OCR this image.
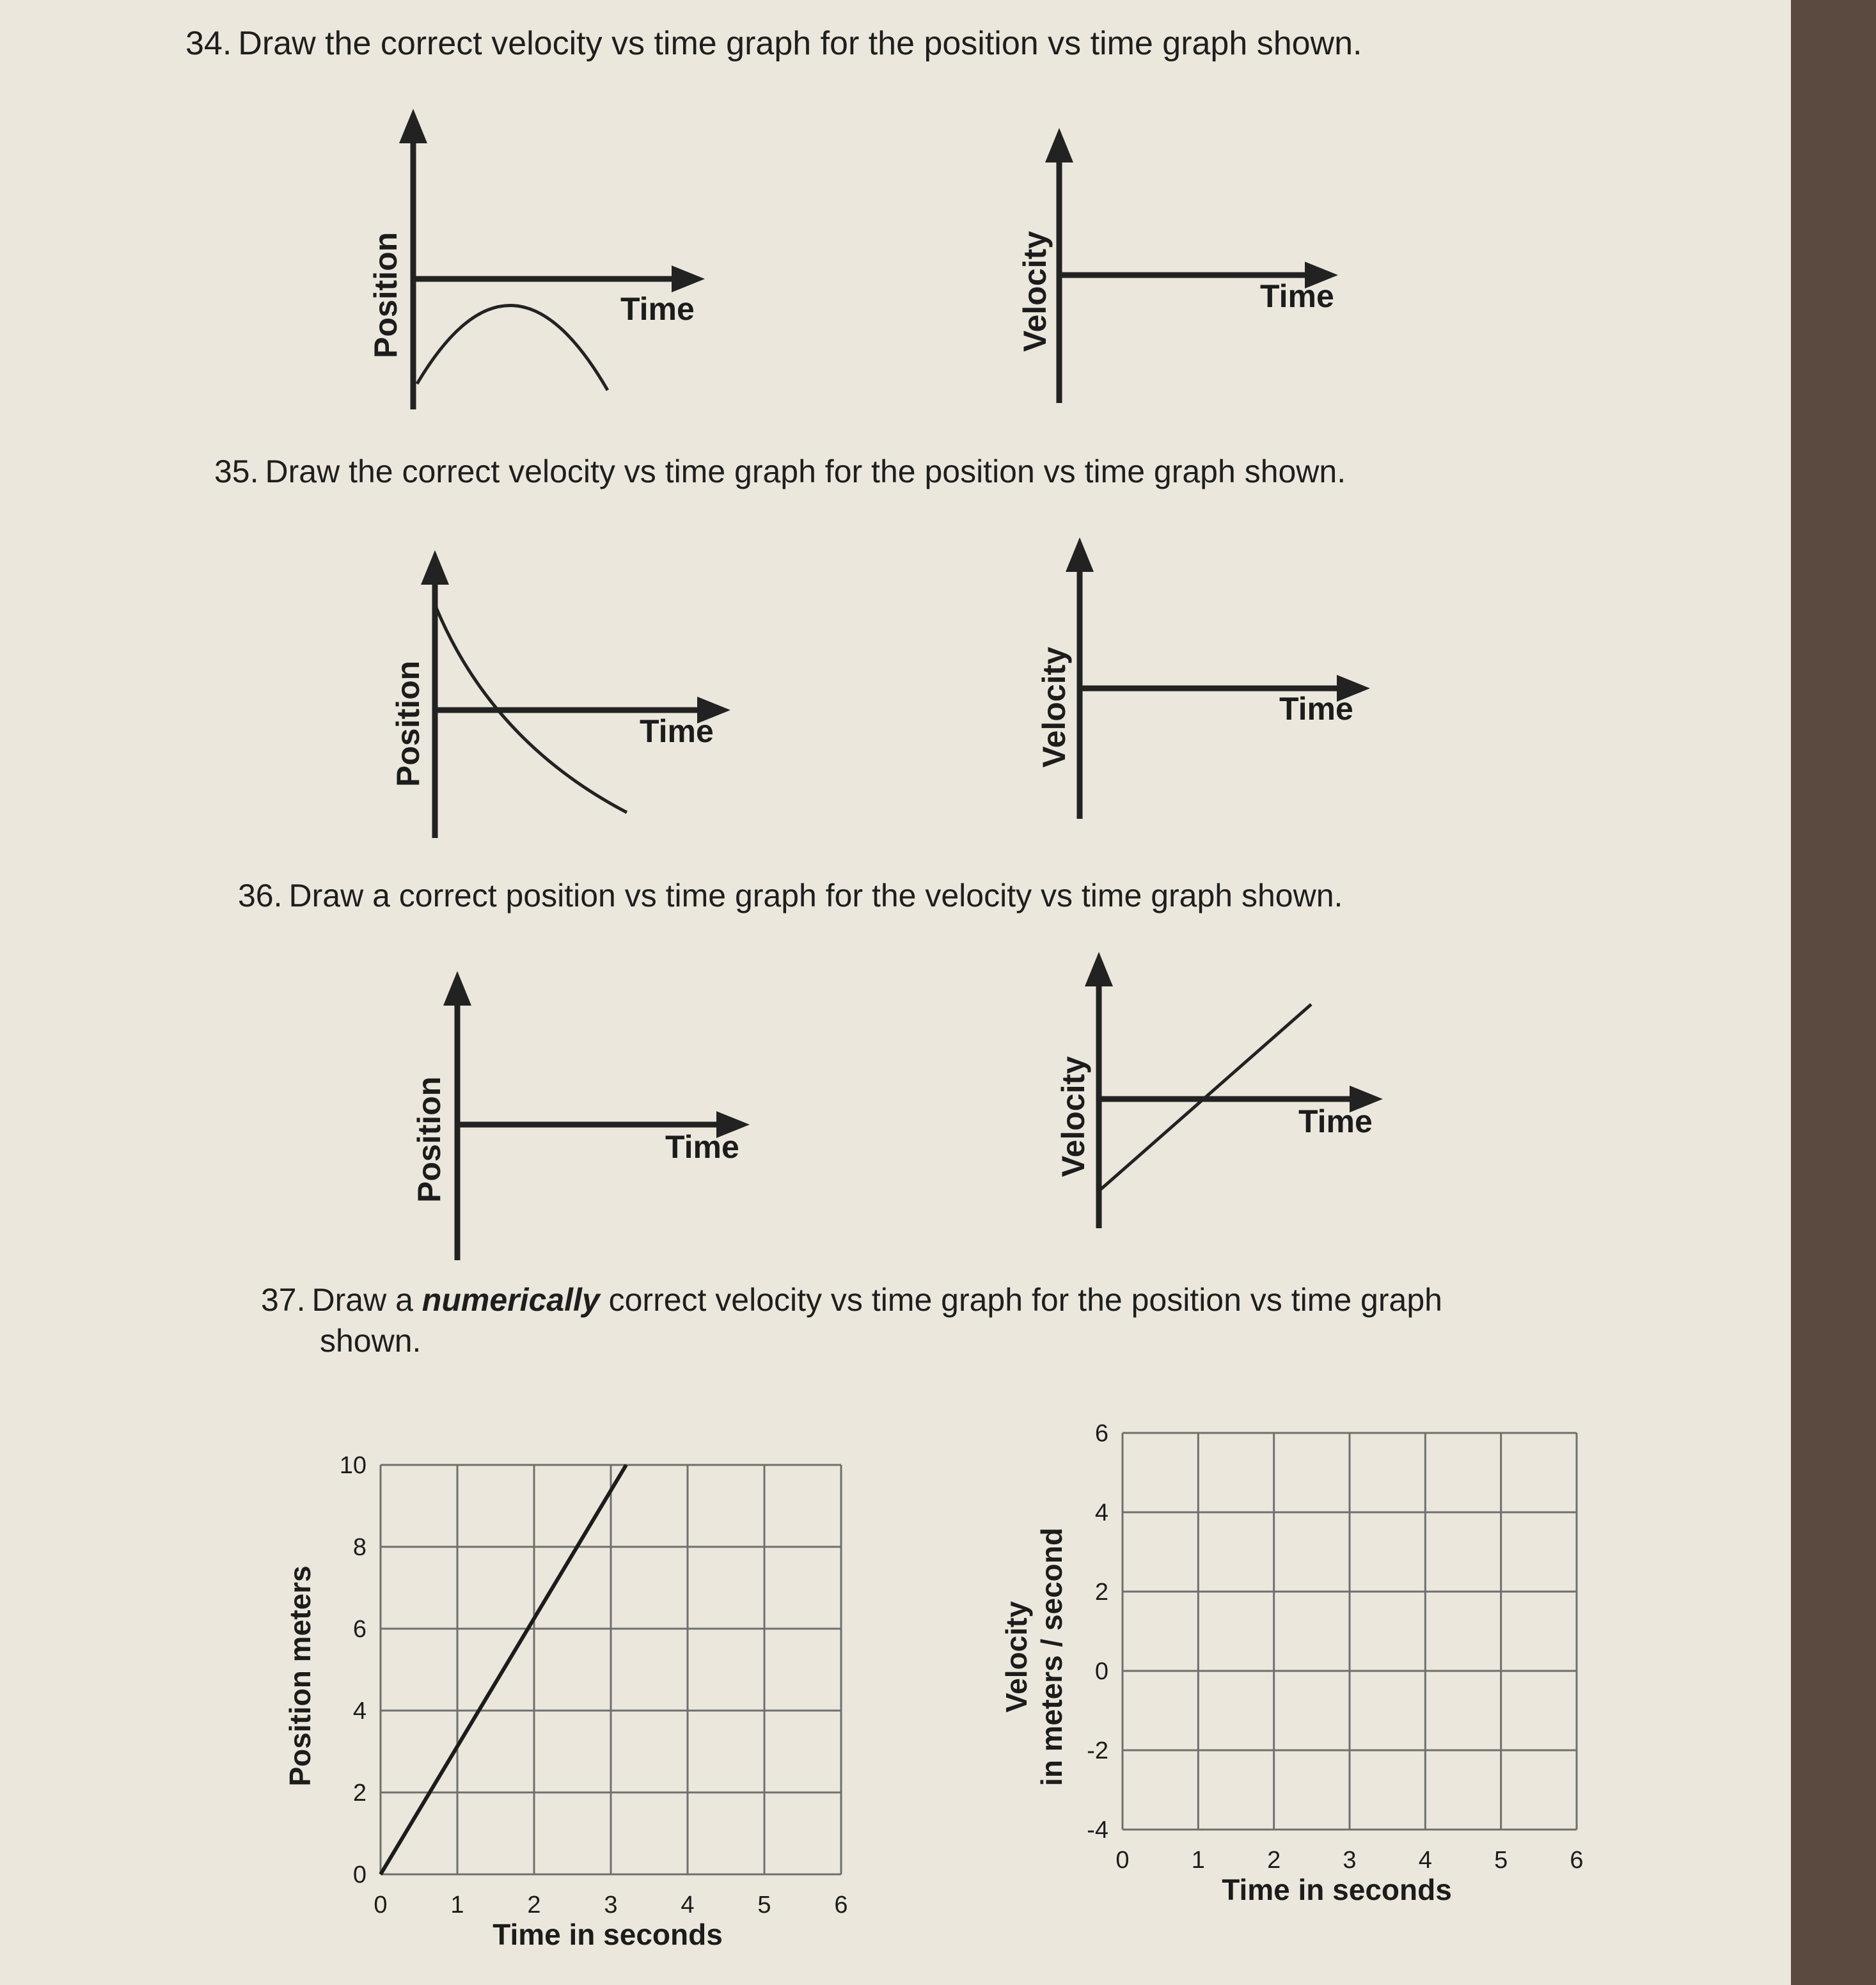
34. Draw the correct velocity vs time graph for the position vs time graph shown.
Position	Time	Velocity	Time
35. Draw the correct velocity vs time graph for the position vs time graph shown.
Position	Time	Velocity	Time
36. Draw a correct position vs time graph for the velocity vs time graph shown.
Position	Time	Velocity	Time
37. Draw a numerically correct velocity vs time graph for the position vs time graph
shown.
0	1	2	3	4	5	6
0
2
4
6
8
10
Time in seconds
Position meters
0	1	2	3	4	5	6
-4
-2
0
2
4
6
Time in seconds
Velocity in meters / second
